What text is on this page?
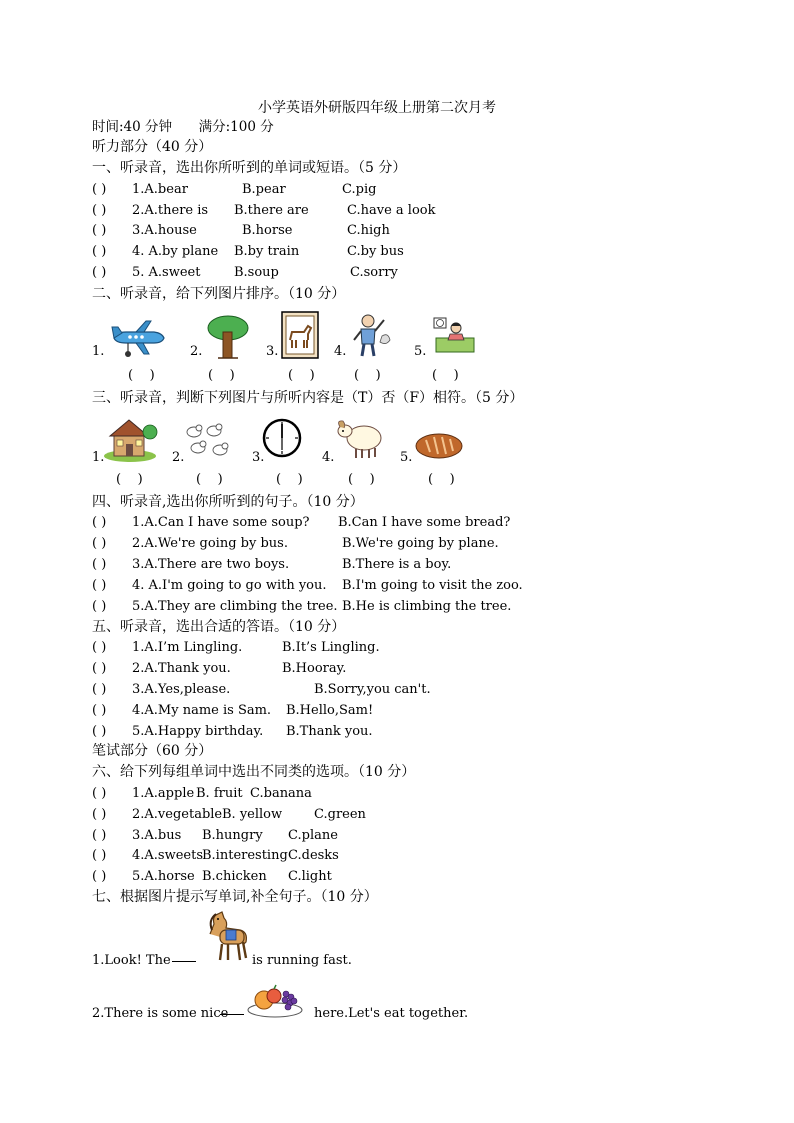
小学英语外研版四年级上册第二次月考
时间:40 分钟 满分:100 分
听力部分（40 分）
一、听录音，选出你所听到的单词或短语。（5 分）
( )
1.A.bear	B.pear	C.pig
( )
2.A.there is B.there are	C.have a look
( )
3.A.house	B.horse	C.high
( )
4. A.by plane B.by train	C.by bus
( )
5. A.sweet	B.soup	C.sorry
二、听录音，给下列图片排序。（10 分）
1.	2.	3.	4.	5.
(    )	(    )	(    )	(    )	(    )
三、听录音，判断下列图片与所听内容是（T）否（F）相符。（5 分）
1.	2.	3.	4.	5.
(    )	(    )	(    )	(    )	(    )
四、听录音,选出你所听到的句子。（10 分）
( )
1.A.Can I have some soup? B.Can I have some bread?
( )
2.A.We're going by bus.	B.We're going by plane.
( )
3.A.There are two boys.	B.There is a boy.
( )
4. A.I'm going to go with you. B.I'm going to visit the zoo.
( )
5.A.They are climbing the tree. B.He is climbing the tree.
五、听录音，选出合适的答语。（10 分）
( )
1.A.I’m Lingling.	B.It’s Lingling.
( )
2.A.Thank you.	B.Hooray.
( )
3.A.Yes,please.	B.Sorry,you can't.
( )
4.A.My name is Sam. B.Hello,Sam!
( )
5.A.Happy birthday. B.Thank you.
笔试部分（60 分）
六、给下列每组单词中选出不同类的选项。（10 分）
( )
1.A.apple B. fruit C.banana
( )
2.A.vegetable B. yellow C.green
( )
3.A.bus B.hungry C.plane
( )
4.A.sweets
B.interesting C.desks
( )
5.A.horse B.chicken C.light
七、根据图片提示写单词,补全句子。（10 分）
1.Look! The	is running fast.
2.There is some nice	here.Let's eat together.
